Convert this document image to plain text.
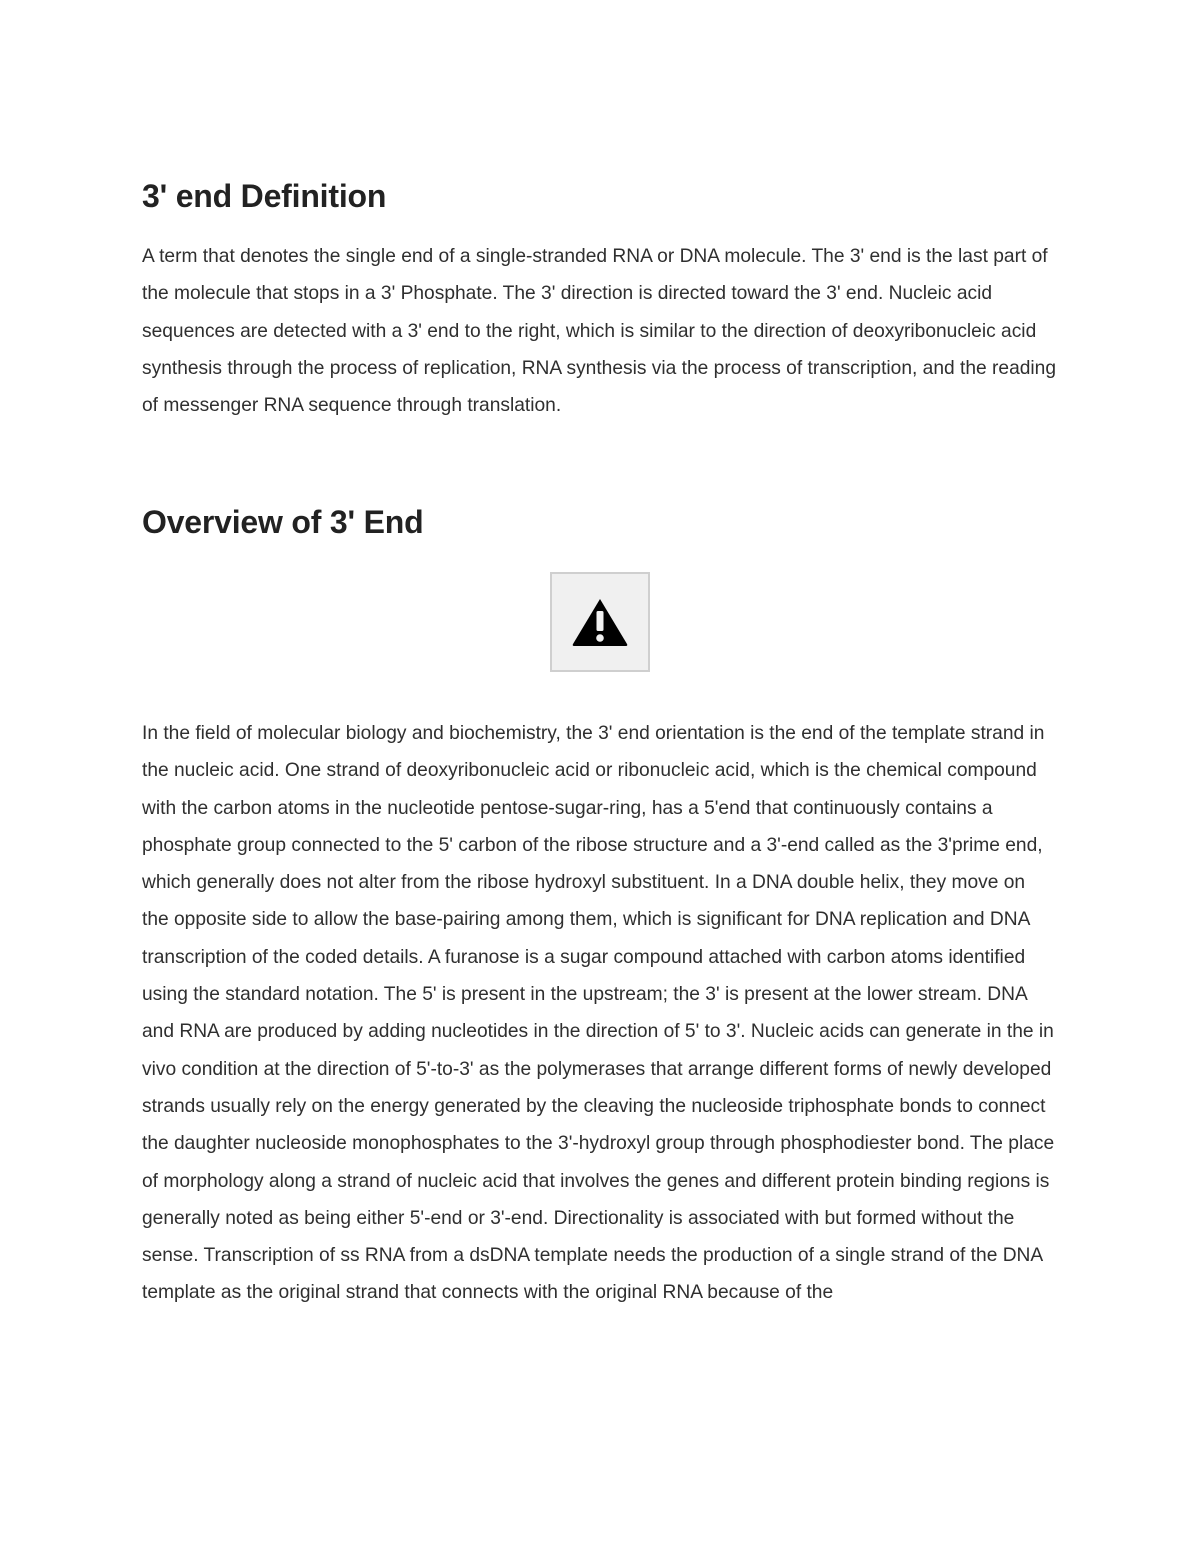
3' end Definition

A term that denotes the single end of a single-stranded RNA or DNA molecule. The 3' end is the last part of the molecule that stops in a 3' Phosphate. The 3' direction is directed toward the 3' end. Nucleic acid sequences are detected with a 3' end to the right, which is similar to the direction of deoxyribonucleic acid synthesis through the process of replication, RNA synthesis via the process of transcription, and the reading of messenger RNA sequence through translation.

Overview of 3' End

In the field of molecular biology and biochemistry, the 3' end orientation is the end of the template strand in the nucleic acid. One strand of deoxyribonucleic acid or ribonucleic acid, which is the chemical compound with the carbon atoms in the nucleotide pentose-sugar-ring, has a 5'end that continuously contains a phosphate group connected to the 5' carbon of the ribose structure and a 3'-end called as the 3'prime end, which generally does not alter from the ribose hydroxyl substituent. In a DNA double helix, they move on the opposite side to allow the base-pairing among them, which is significant for DNA replication and DNA transcription of the coded details. A furanose is a sugar compound attached with carbon atoms identified using the standard notation. The 5' is present in the upstream; the 3' is present at the lower stream. DNA and RNA are produced by adding nucleotides in the direction of 5' to 3'. Nucleic acids can generate in the in vivo condition at the direction of 5'-to-3' as the polymerases that arrange different forms of newly developed strands usually rely on the energy generated by the cleaving the nucleoside triphosphate bonds to connect the daughter nucleoside monophosphates to the 3'-hydroxyl group through phosphodiester bond. The place of morphology along a strand of nucleic acid that involves the genes and different protein binding regions is generally noted as being either 5'-end or 3'-end. Directionality is associated with but formed without the sense. Transcription of ss RNA from a dsDNA template needs the production of a single strand of the DNA template as the original strand that connects with the original RNA because of the
